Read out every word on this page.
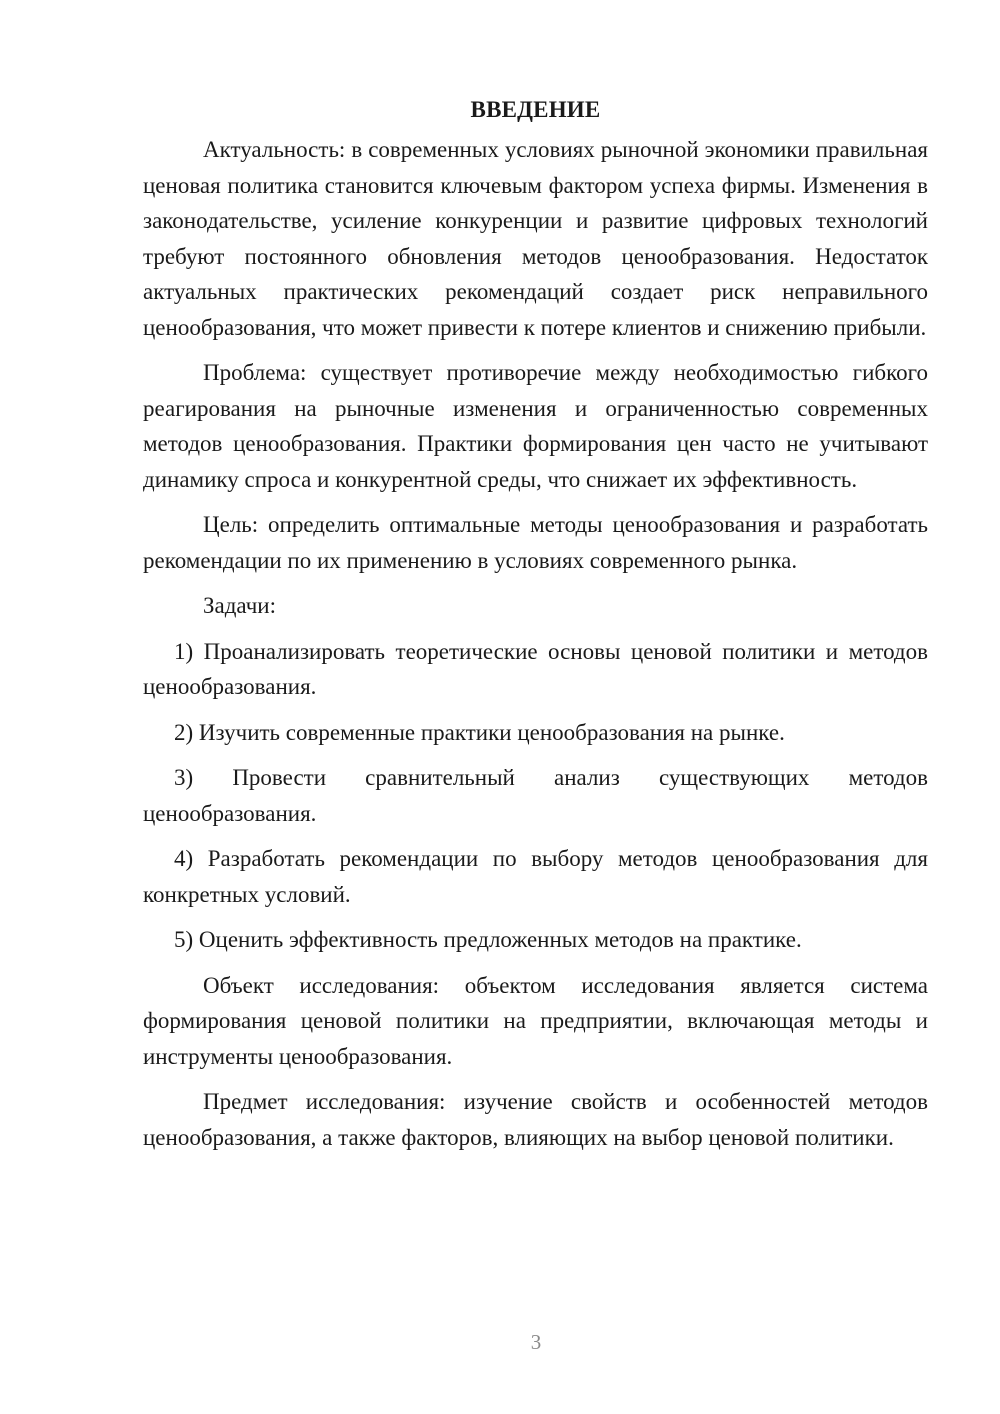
ВВЕДЕНИЕ

Актуальность: в современных условиях рыночной экономики правильная ценовая политика становится ключевым фактором успеха фирмы. Изменения в законодательстве, усиление конкуренции и развитие цифровых технологий требуют постоянного обновления методов ценообразования. Недостаток актуальных практических рекомендаций создает риск неправильного ценообразования, что может привести к потере клиентов и снижению прибыли.

Проблема: существует противоречие между необходимостью гибкого реагирования на рыночные изменения и ограниченностью современных методов ценообразования. Практики формирования цен часто не учитывают динамику спроса и конкурентной среды, что снижает их эффективность.

Цель: определить оптимальные методы ценообразования и разработать рекомендации по их применению в условиях современного рынка.

Задачи:

1) Проанализировать теоретические основы ценовой политики и методов ценообразования.

2) Изучить современные практики ценообразования на рынке.

3) Провести сравнительный анализ существующих методов ценообразования.

4) Разработать рекомендации по выбору методов ценообразования для конкретных условий.

5) Оценить эффективность предложенных методов на практике.

Объект исследования: объектом исследования является система формирования ценовой политики на предприятии, включающая методы и инструменты ценообразования.

Предмет исследования: изучение свойств и особенностей методов ценообразования, а также факторов, влияющих на выбор ценовой политики.

3
